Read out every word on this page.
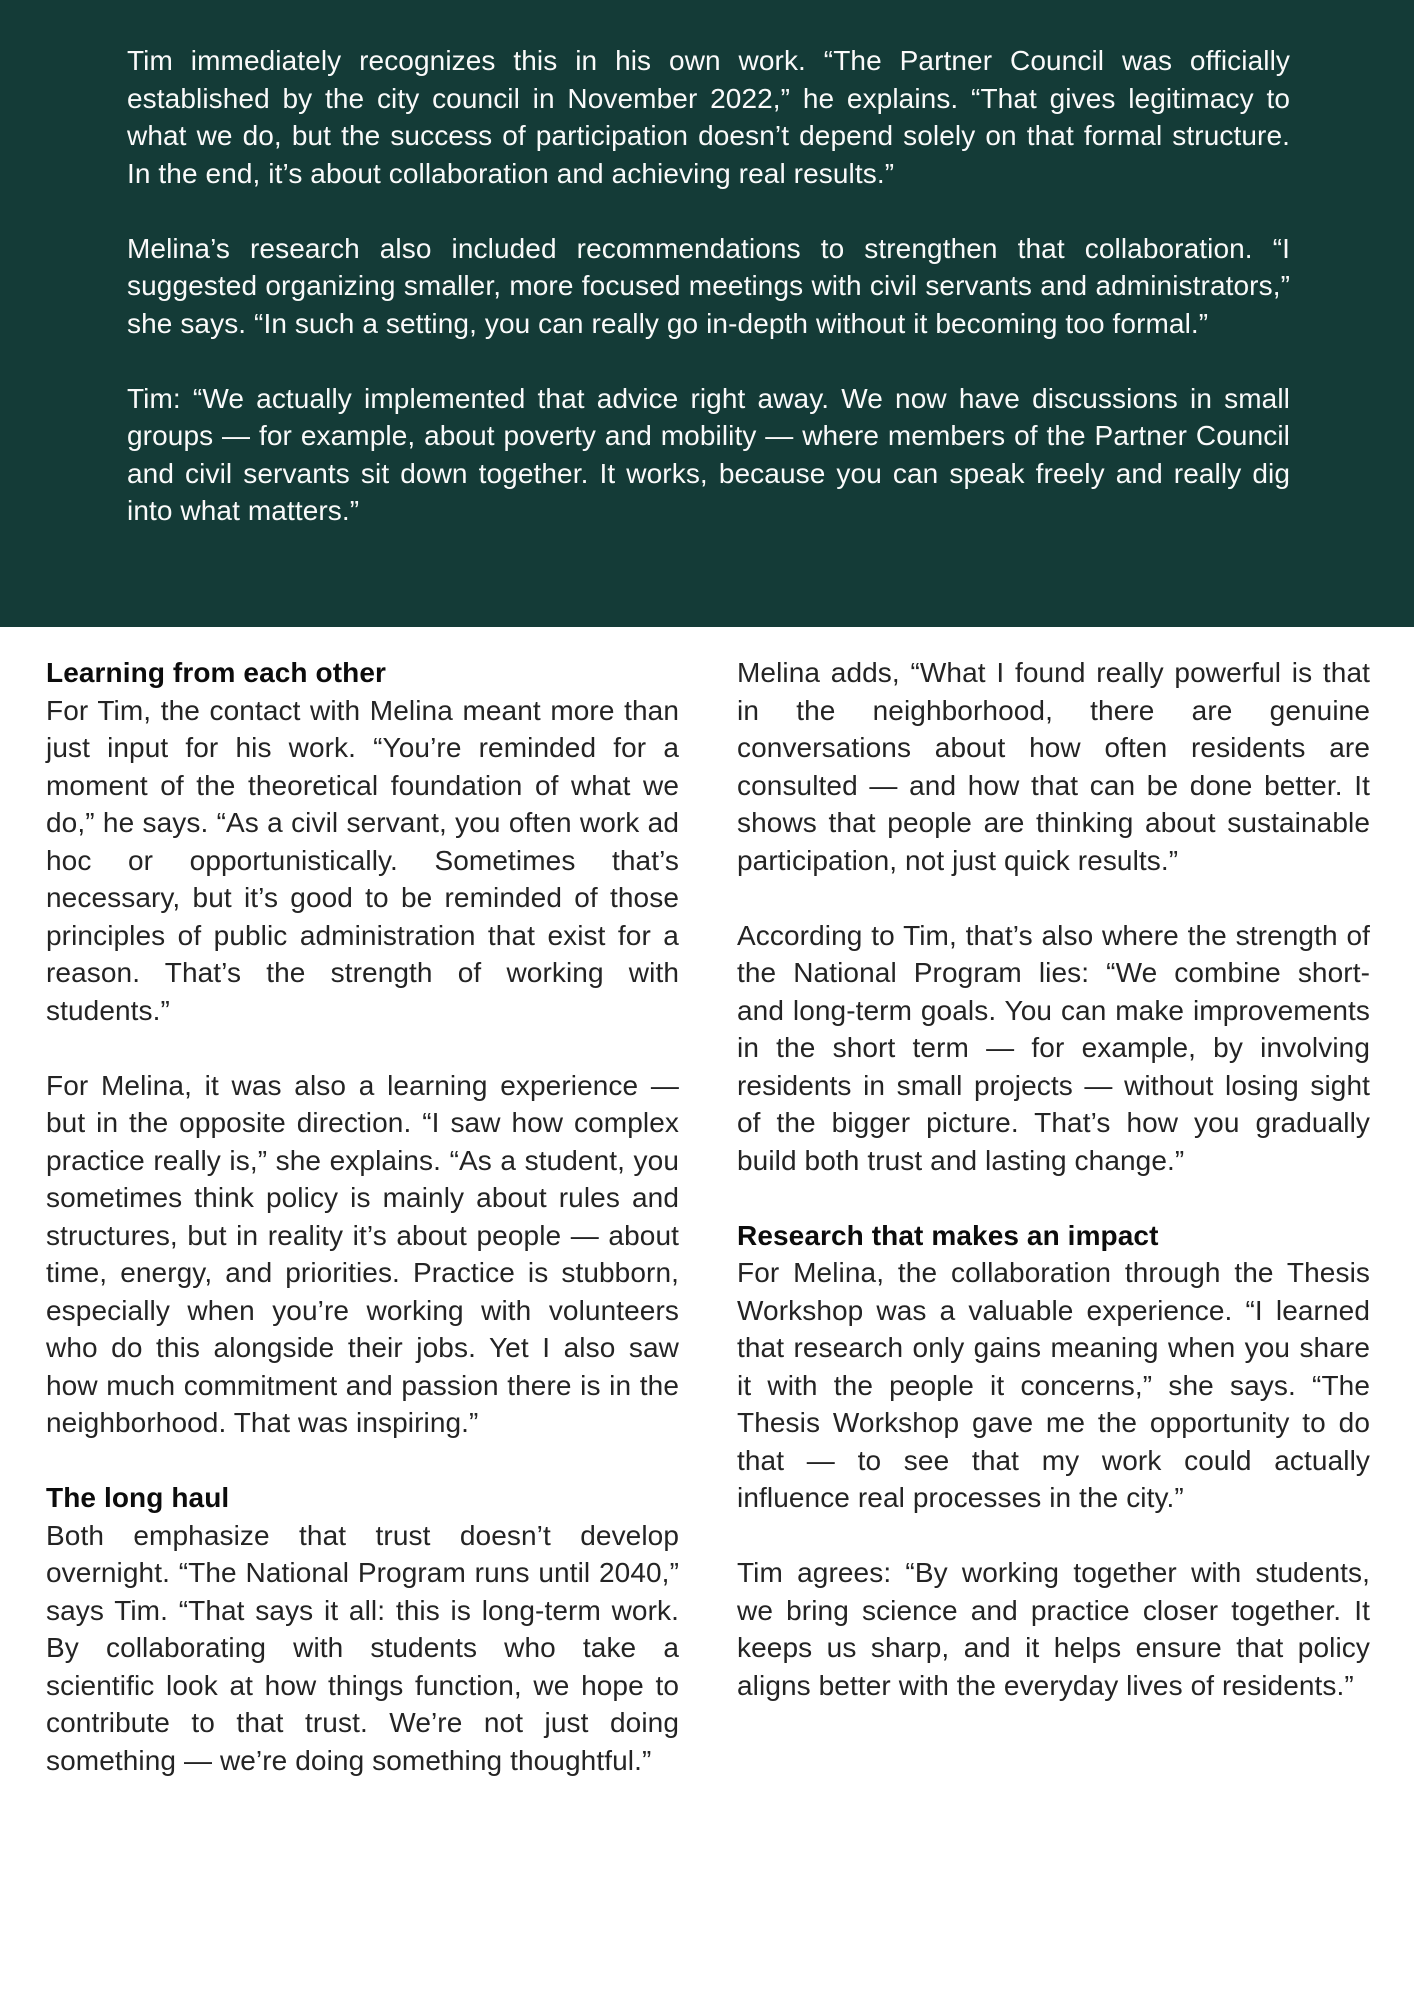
Tim immediately recognizes this in his own work. “The Partner Council was officially established by the city council in November 2022,” he explains. “That gives legitimacy to what we do, but the success of participation doesn’t depend solely on that formal structure. In the end, it’s about collaboration and achieving real results.”

Melina’s research also included recommendations to strengthen that collaboration. “I suggested organizing smaller, more focused meetings with civil servants and administrators,” she says. “In such a setting, you can really go in-depth without it becoming too formal.”

Tim: “We actually implemented that advice right away. We now have discussions in small groups — for example, about poverty and mobility — where members of the Partner Council and civil servants sit down together. It works, because you can speak freely and really dig into what matters.”

Learning from each other

For Tim, the contact with Melina meant more than just input for his work. “You’re reminded for a moment of the theoretical foundation of what we do,” he says. “As a civil servant, you often work ad hoc or opportunistically. Sometimes that’s necessary, but it’s good to be reminded of those principles of public administration that exist for a reason. That’s the strength of working with students.”

For Melina, it was also a learning experience — but in the opposite direction. “I saw how complex practice really is,” she explains. “As a student, you sometimes think policy is mainly about rules and structures, but in reality it’s about people — about time, energy, and priorities. Practice is stubborn, especially when you’re working with volunteers who do this alongside their jobs. Yet I also saw how much commitment and passion there is in the neighborhood. That was inspiring.”

The long haul

Both emphasize that trust doesn’t develop overnight. “The National Program runs until 2040,” says Tim. “That says it all: this is long-term work. By collaborating with students who take a scientific look at how things function, we hope to contribute to that trust. We’re not just doing something — we’re doing something thoughtful.”

Melina adds, “What I found really powerful is that in the neighborhood, there are genuine conversations about how often residents are consulted — and how that can be done better. It shows that people are thinking about sustainable participation, not just quick results.”

According to Tim, that’s also where the strength of the National Program lies: “We combine short- and long-term goals. You can make improvements in the short term — for example, by involving residents in small projects — without losing sight of the bigger picture. That’s how you gradually build both trust and lasting change.”

Research that makes an impact

For Melina, the collaboration through the Thesis Workshop was a valuable experience. “I learned that research only gains meaning when you share it with the people it concerns,” she says. “The Thesis Workshop gave me the opportunity to do that — to see that my work could actually influence real processes in the city.”

Tim agrees: “By working together with students, we bring science and practice closer together. It keeps us sharp, and it helps ensure that policy aligns better with the everyday lives of residents.”
